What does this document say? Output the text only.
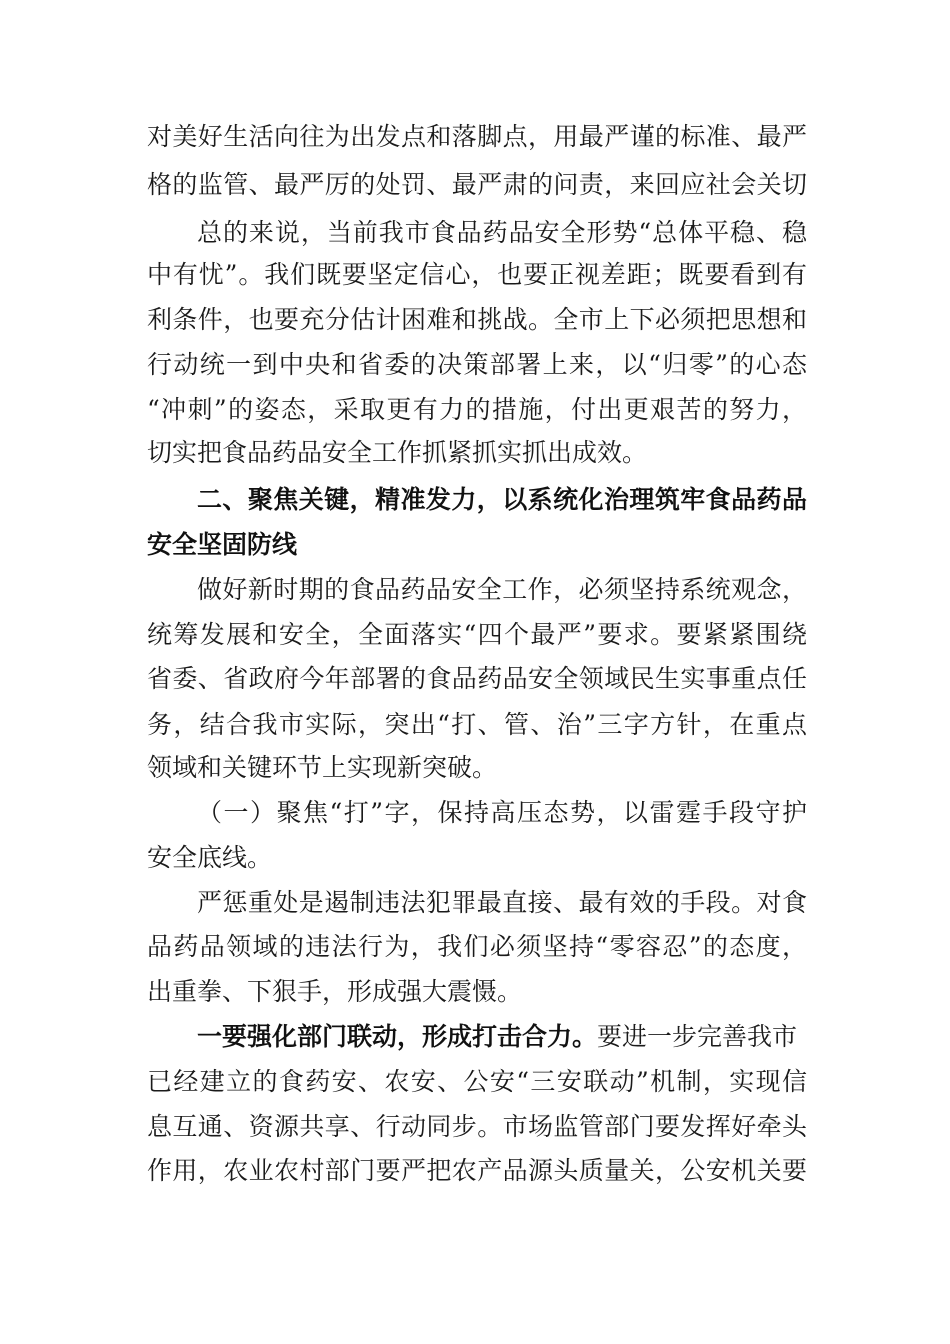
对美好生活向往为出发点和落脚点，用最严谨的标准、最严
格的监管、最严厉的处罚、最严肃的问责，来回应社会关切
总的来说，当前我市食品药品安全形势“总体平稳、稳
中有忧”。我们既要坚定信心，也要正视差距；既要看到有
利条件，也要充分估计困难和挑战。全市上下必须把思想和
行动统一到中央和省委的决策部署上来，以“归零”的心态
“冲刺”的姿态，采取更有力的措施，付出更艰苦的努力，
切实把食品药品安全工作抓紧抓实抓出成效。
二、聚焦关键，精准发力，以系统化治理筑牢食品药品
安全坚固防线
做好新时期的食品药品安全工作，必须坚持系统观念，
统筹发展和安全，全面落实“四个最严”要求。要紧紧围绕
省委、省政府今年部署的食品药品安全领域民生实事重点任
务，结合我市实际，突出“打、管、治”三字方针，在重点
领域和关键环节上实现新突破。
（一）聚焦“打”字，保持高压态势，以雷霆手段守护
安全底线。
严惩重处是遏制违法犯罪最直接、最有效的手段。对食
品药品领域的违法行为，我们必须坚持“零容忍”的态度，
出重拳、下狠手，形成强大震慑。
一要强化部门联动，形成打击合力。要进一步完善我市
已经建立的食药安、农安、公安“三安联动”机制，实现信
息互通、资源共享、行动同步。市场监管部门要发挥好牵头
作用，农业农村部门要严把农产品源头质量关，公安机关要
